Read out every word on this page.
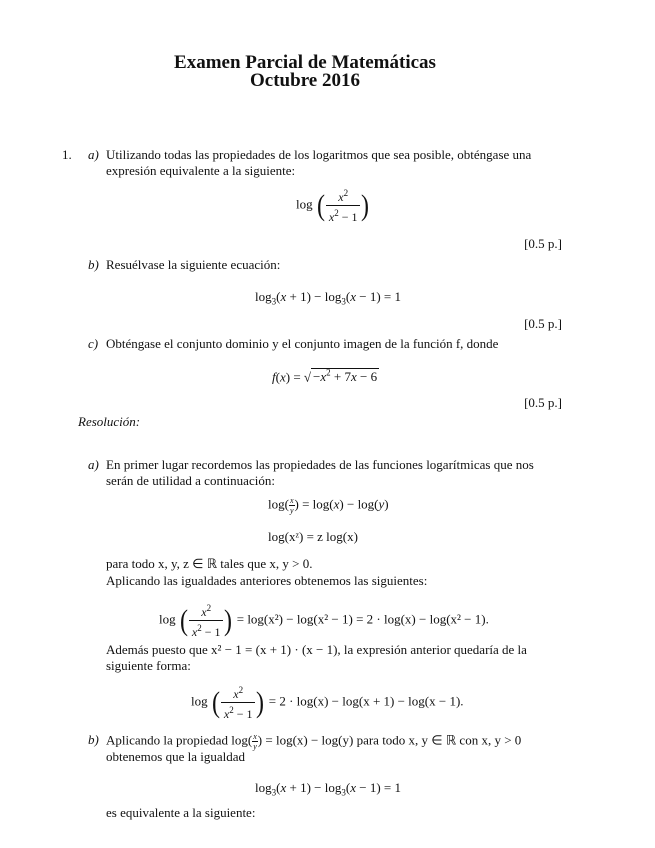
Examen Parcial de Matemáticas
Octubre 2016
1. a) Utilizando todas las propiedades de los logaritmos que sea posible, obténgase una
expresión equivalente a la siguiente:
log ( $\frac{x^2}{x^2 - 1}$ )
[0.5 p.]
b) Resuélvase la siguiente ecuación:
$\log_3(x + 1) - \log_3(x - 1) = 1$
[0.5 p.]
c) Obténgase el conjunto dominio y el conjunto imagen de la función f, donde
f(x) = √ $-x^2 + 7x - 6$
[0.5 p.]
Resolución:
a) En primer lugar recordemos las propiedades de las funciones logarítmicas que nos
serán de utilidad a continuación:
$\log( \frac{x}{y}$ ) = log(x) − log(y)
log(xᶻ) = z log(x)
para todo x, y, z ∈ ℝ tales que x, y > 0.
Aplicando las igualdades anteriores obtenemos las siguientes:
log ( $\frac{x^2}{x^2 - 1}$ ) = log(x²) − log(x² − 1) = 2 · log(x) − log(x² − 1).
Además puesto que x² − 1 = (x + 1) · (x − 1), la expresión anterior quedaría de la
siguiente forma:
log ( $\frac{x^2}{x^2 - 1}$ ) = 2 · log(x) − log(x + 1) − log(x − 1).
b) Aplicando la propiedad $\log( \frac{x}{y}$ ) = log(x) − log(y) para todo x, y ∈ ℝ con x, y > 0
obtenemos que la igualdad
$\log_3(x + 1) - \log_3(x - 1) = 1$
es equivalente a la siguiente:
